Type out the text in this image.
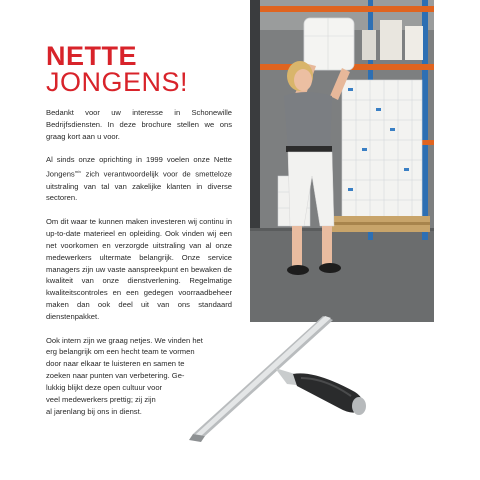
NETTE
JONGENS!

Bedankt voor uw interesse in Schonewille Bedrijfsdiensten. In deze brochure stellen we ons graag kort aan u voor.

Al sinds onze oprichting in 1999 voelen onze Nette Jongens$^{m/v}$ zich verantwoordelijk voor de smetteloze uitstraling van tal van zakelijke klanten in diverse sectoren.

Om dit waar te kunnen maken investeren wij continu in up-to-date materieel en opleiding. Ook vinden wij een net voorkomen en verzorgde uitstraling van al onze medewerkers ultermate belangrijk. Onze service managers zijn uw vaste aanspreekpunt en bewaken de kwaliteit van onze dienstverlening. Regelmatige kwaliteitscontroles en een gedegen voorraadbeheer maken dan ook deel uit van ons standaard dienstenpakket.

Ook intern zijn we graag netjes. We vinden het
erg belangrijk om een hecht team te vormen
door naar elkaar te luisteren en samen te
zoeken naar punten van verbetering. Ge-
lukkig blijkt deze open cultuur voor
veel medewerkers prettig; zij zijn
al jarenlang bij ons in dienst.
